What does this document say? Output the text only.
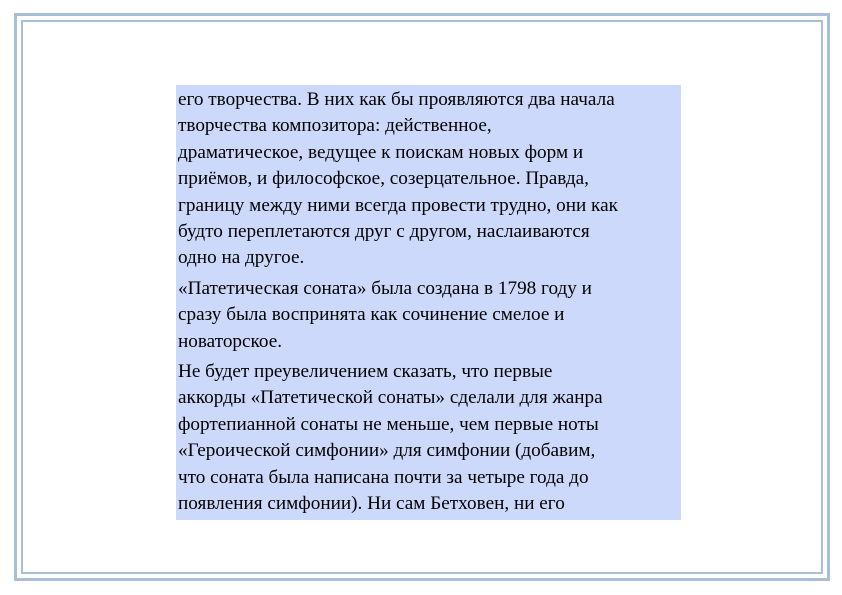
его творчества. В них как бы проявляются два начала
творчества композитора: действенное,
драматическое, ведущее к поискам новых форм и
приёмов, и философское, созерцательное. Правда,
границу между ними всегда провести трудно, они как
будто переплетаются друг с другом, наслаиваются
одно на другое.

«Патетическая соната» была создана в 1798 году и
сразу была воспринята как сочинение смелое и
новаторское.

Не будет преувеличением сказать, что первые
аккорды «Патетической сонаты» сделали для жанра
фортепианной сонаты не меньше, чем первые ноты
«Героической симфонии» для симфонии (добавим,
что соната была написана почти за четыре года до
появления симфонии). Ни сам Бетховен, ни его
